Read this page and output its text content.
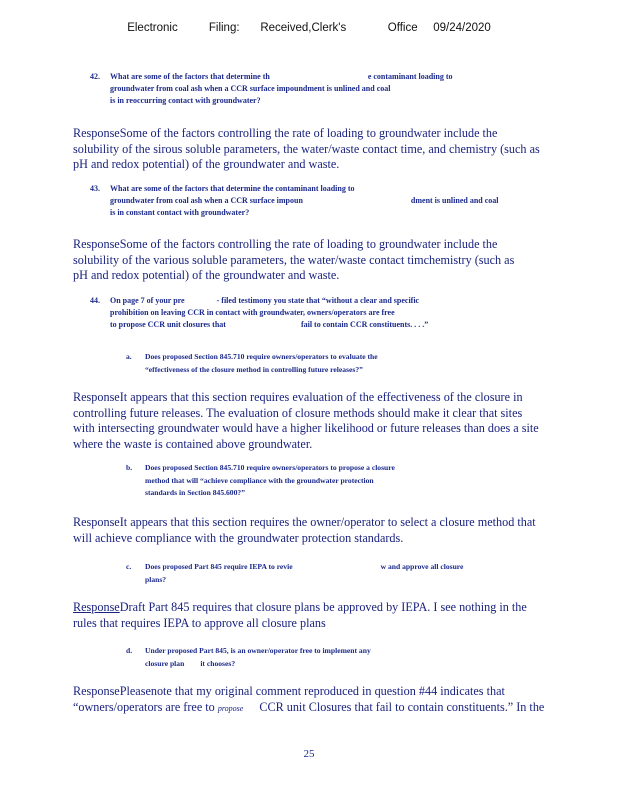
Electronic      Filing:    Received,Clerk's        Office   09/24/2020
42. What are some of the factors that determine th	e contaminant loading to
groundwater from coal ash when a CCR surface impoundment is unlined and coal
is in reoccurring contact with groundwater?
ResponseSome of the factors controlling the rate of loading to groundwater include the
solubility of the sirous soluble parameters, the water/waste contact time, and chemistry (such as
pH and redox potential) of the groundwater and waste.
43. What are some of the factors that determine the contaminant loading to
groundwater from coal ash when a CCR surface impoun	dment is unlined and coal
is in constant contact with groundwater?
ResponseSome of the factors controlling the rate of loading to groundwater include the
solubility of the various soluble parameters, the water/waste contact timchemistry (such as
pH and redox potential) of the groundwater and waste.
44. On page 7 of your pre	- filed testimony you state that “without a clear and specific
prohibition on leaving CCR in contact with groundwater, owners/operators are free
to propose CCR unit closures that	fail to contain CCR constituents. . . .”
a. Does proposed Section 845.710 require owners/operators to evaluate the
“effectiveness of the closure method in controlling future releases?”
ResponseIt appears that this section requires evaluation of the effectiveness of the closure in
controlling future releases. The evaluation of closure methods should make it clear that sites
with intersecting groundwater would have a higher likelihood or future releases than does a site
where the waste is contained above groundwater.
b. Does proposed Section 845.710 require owners/operators to propose a closure
method that will “achieve compliance with the groundwater protection
standards in Section 845.600?”
ResponseIt appears that this section requires the owner/operator to select a closure method that
will achieve compliance with the groundwater protection standards.
c. Does proposed Part 845 require IEPA to revie	w and approve all closure
plans?
ResponseDraft Part 845 requires that closure plans be approved by IEPA. I see nothing in the
rules that requires IEPA to approve all closure plans
d. Under proposed Part 845, is an owner/operator free to implement any
closure plan it chooses?
ResponsePleasenote that my original comment reproduced in question #44 indicates that
“owners/operators are free to propose CCR unit Closures that fail to contain constituents.” In the
25
